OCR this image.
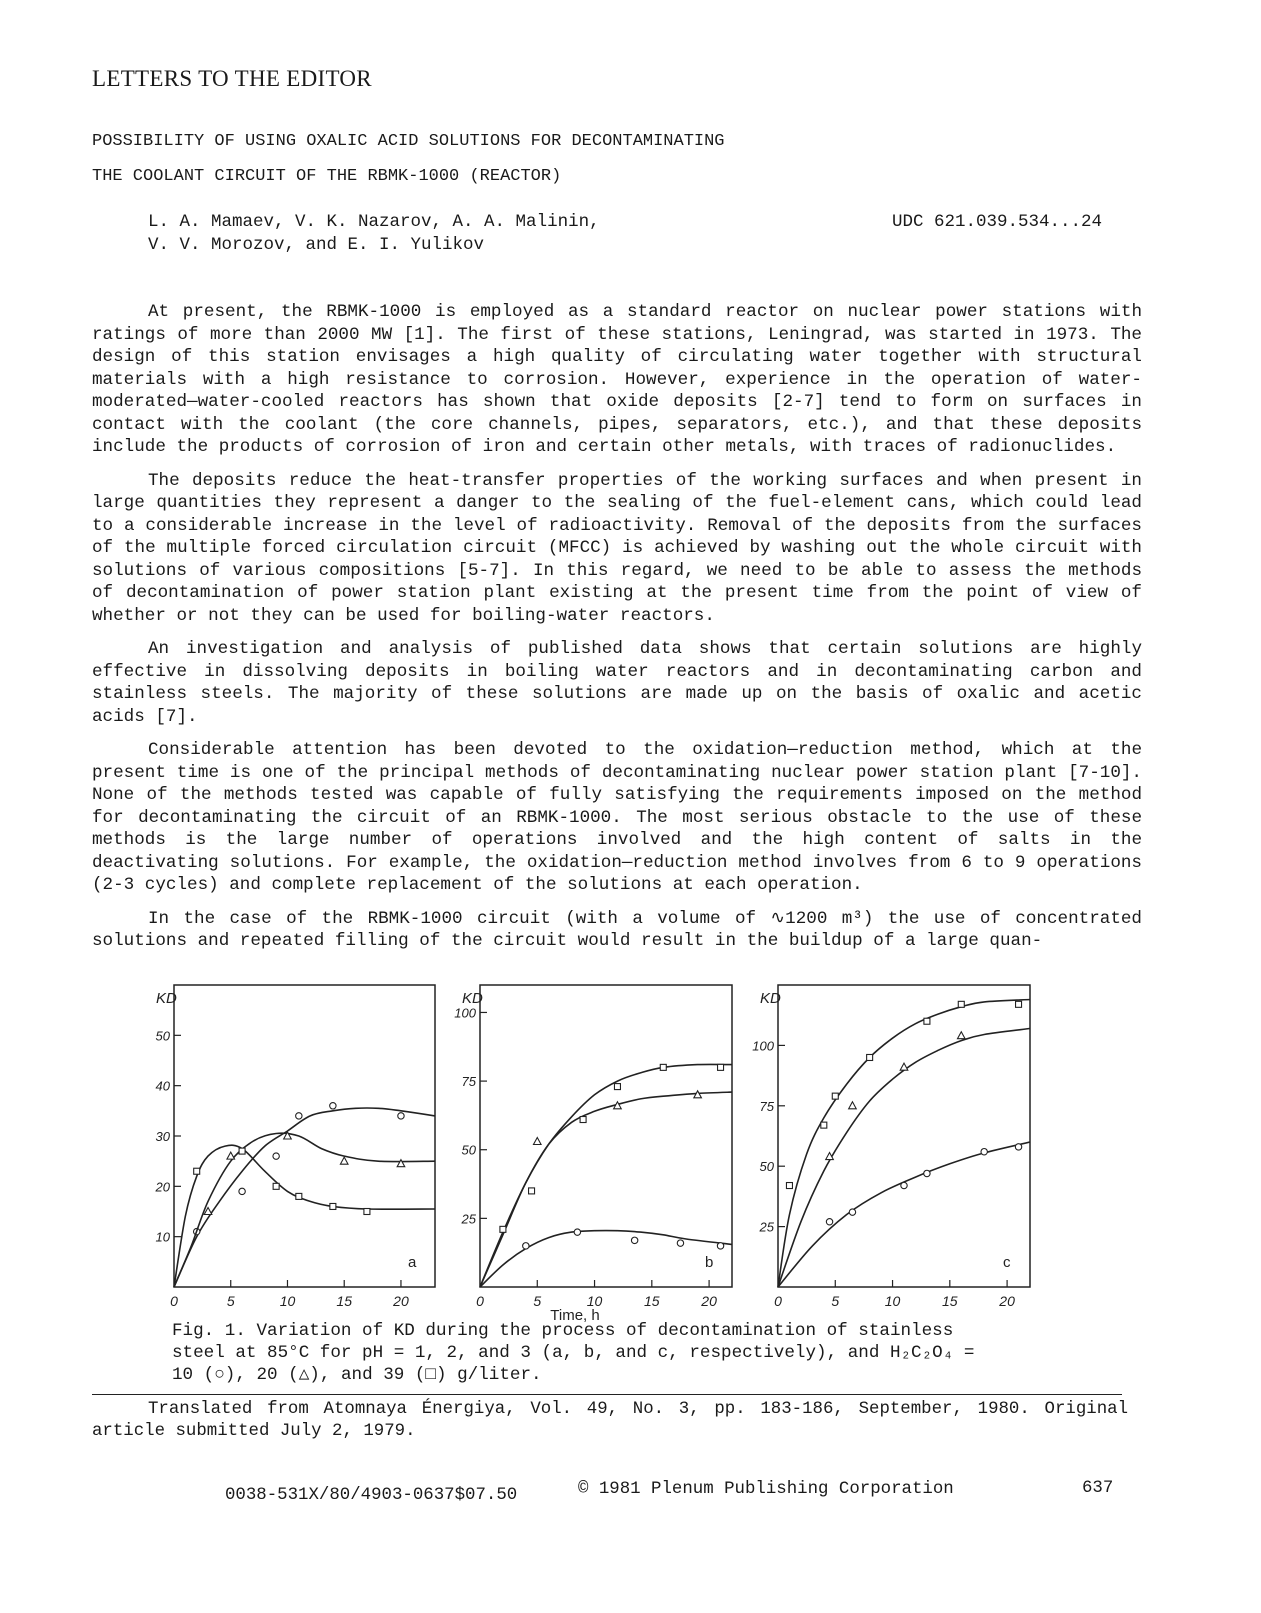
LETTERS TO THE EDITOR
POSSIBILITY OF USING OXALIC ACID SOLUTIONS FOR DECONTAMINATING
THE COOLANT CIRCUIT OF THE RBMK-1000 (REACTOR)
L. A. Mamaev, V. K. Nazarov, A. A. Malinin,
V. V. Morozov, and E. I. Yulikov
UDC 621.039.534...24

At present, the RBMK-1000 is employed as a standard reactor on nuclear power stations with ratings of more than 2000 MW [1]. The first of these stations, Leningrad, was started in 1973. The design of this station envisages a high quality of circulating water together with structural materials with a high resistance to corrosion. However, experience in the operation of water-moderated—water-cooled reactors has shown that oxide deposits [2-7] tend to form on surfaces in contact with the coolant (the core channels, pipes, separators, etc.), and that these deposits include the products of corrosion of iron and certain other metals, with traces of radionuclides.

The deposits reduce the heat-transfer properties of the working surfaces and when present in large quantities they represent a danger to the sealing of the fuel-element cans, which could lead to a considerable increase in the level of radioactivity. Removal of the deposits from the surfaces of the multiple forced circulation circuit (MFCC) is achieved by washing out the whole circuit with solutions of various compositions [5-7]. In this regard, we need to be able to assess the methods of decontamination of power station plant existing at the present time from the point of view of whether or not they can be used for boiling-water reactors.

An investigation and analysis of published data shows that certain solutions are highly effective in dissolving deposits in boiling water reactors and in decontaminating carbon and stainless steels. The majority of these solutions are made up on the basis of oxalic and acetic acids [7].

Considerable attention has been devoted to the oxidation—reduction method, which at the present time is one of the principal methods of decontaminating nuclear power station plant [7-10]. None of the methods tested was capable of fully satisfying the requirements imposed on the method for decontaminating the circuit of an RBMK-1000. The most serious obstacle to the use of these methods is the large number of operations involved and the high content of salts in the deactivating solutions. For example, the oxidation—reduction method involves from 6 to 9 operations (2-3 cycles) and complete replacement of the solutions at each operation.

In the case of the RBMK-1000 circuit (with a volume of ∿1200 m³) the use of concentrated solutions and repeated filling of the circuit would result in the buildup of a large quan-

KD
0	5	10	15	20
10
20
30
40
50
a
KD
0	5	10	15	20
25
50
75
100
b
KD
0	5	10	15	20
25
50
75
100
c
Time, h
Fig. 1. Variation of KD during the process of decontamination of stainless
steel at 85°C for pH = 1, 2, and 3 (a, b, and c, respectively), and H₂C₂O₄ =
10 (○), 20 (△), and 39 (□) g/liter.
Translated from Atomnaya Énergiya, Vol. 49, No. 3, pp. 183-186, September, 1980. Original article submitted July 2, 1979.
0038-531X/80/4903-0637$07.50	© 1981 Plenum Publishing Corporation	637
